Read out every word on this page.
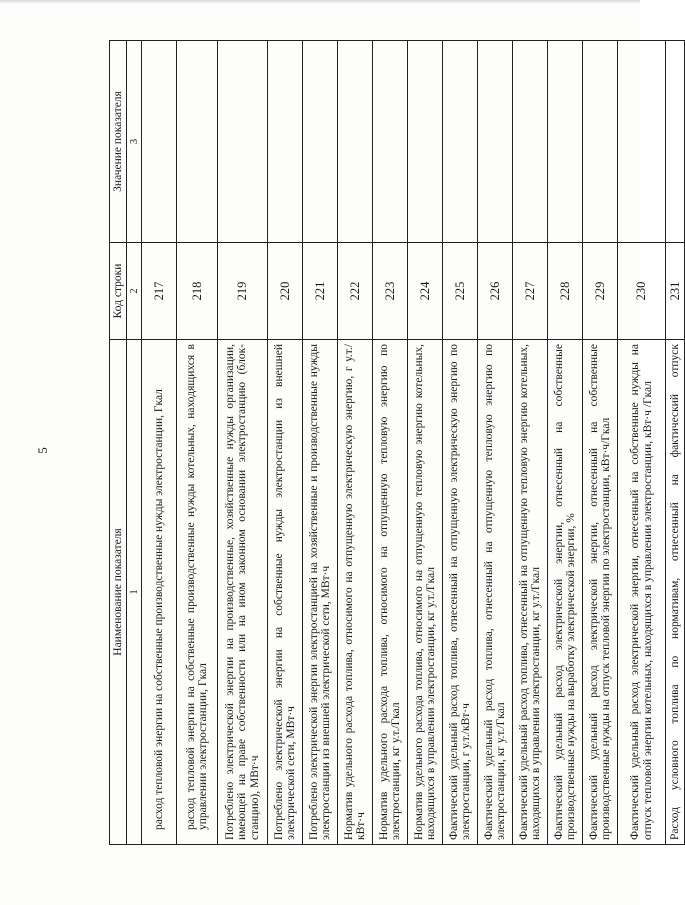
5
Наименование показателя	Код строки	Значение показателя
1	2	3
расход тепловой энергии на собственные производственные нужды электростанции, Гкал	217	
расход тепловой энергии на собственные производственные нужды котельных, находящихся в управлении электростанции, Гкал	218	
Потреблено электрической энергии на производственные, хозяйственные нужды организации, имеющей на праве собственности или на ином законном основании электростанцию (блок-станцию), МВт·ч	219	
Потреблено электрической энергии на собственные нужды электростанции из внешней электрической сети, МВт·ч	220	
Потреблено электрической энергии электростанцией на хозяйственные и производственные нужды электростанции из внешней электрической сети, МВт·ч	221	
Норматив удельного расхода топлива, относимого на отпущенную электрическую энергию, г у.т./кВт·ч	222	
Норматив удельного расхода топлива, относимого на отпущенную тепловую энергию по электростанции, кг у.т./Гкал	223	
Норматив удельного расхода топлива, относимого на отпущенную тепловую энергию котельных, находящихся в управлении электростанции, кг у.т./Гкал	224	
Фактический удельный расход топлива, отнесенный на отпущенную электрическую энергию по электростанции, г у.т./кВт·ч	225	
Фактический удельный расход топлива, отнесенный на отпущенную тепловую энергию по электростанции, кг у.т./Гкал	226	
Фактический удельный расход топлива, отнесенный на отпущенную тепловую энергию котельных, находящихся в управлении электростанции, кг у.т./Гкал	227	
Фактический удельный расход электрической энергии, отнесенный на собственные производственные нужды на выработку электрической энергии, %	228	
Фактический удельный расход электрической энергии, отнесенный на собственные производственные нужды на отпуск тепловой энергии по электростанции, кВт·ч/Гкал	229	
Фактический удельный расход электрической энергии, отнесенный на собственные нужды на отпуск тепловой энергии котельных, находящихся в управлении электростанции, кВт·ч /Гкал	230	
Расход условного топлива по нормативам, отнесенный на фактический отпуск	231	
